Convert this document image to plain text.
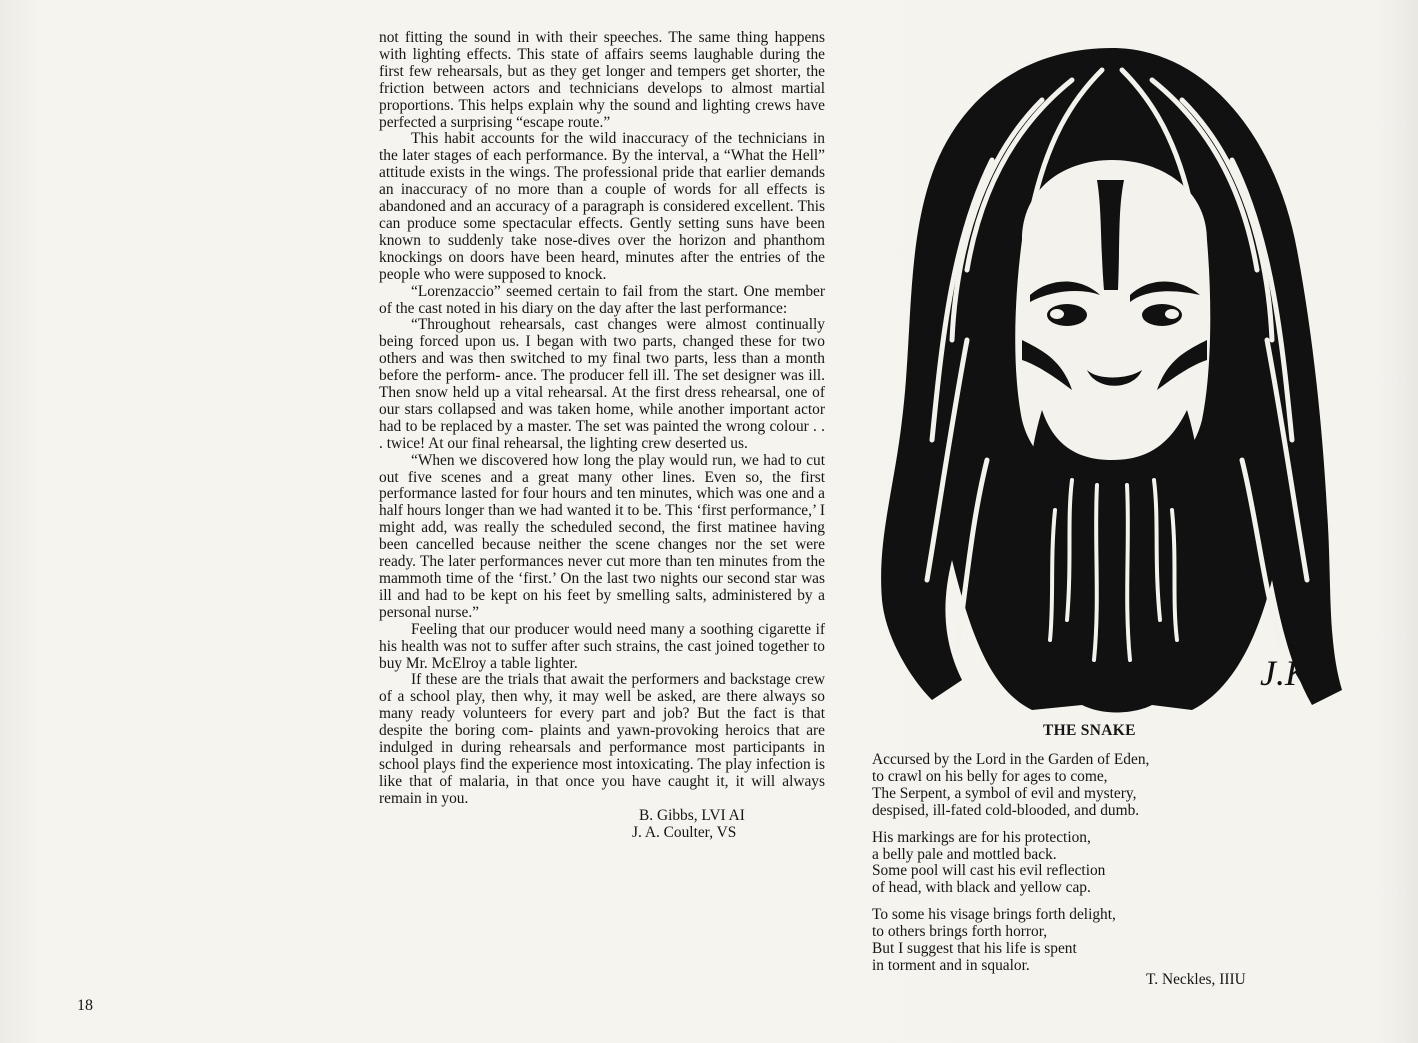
not fitting the sound in with their speeches. The same thing happens with lighting effects. This state of affairs seems laughable during the first few rehearsals, but as they get longer and tempers get shorter, the friction between actors and technicians develops to almost martial proportions. This helps explain why the sound and lighting crews have perfected a surprising “escape route.”

This habit accounts for the wild inaccuracy of the technicians in the later stages of each performance. By the interval, a “What the Hell” attitude exists in the wings. The professional pride that earlier demands an inaccuracy of no more than a couple of words for all effects is abandoned and an accuracy of a paragraph is considered excellent. This can produce some spectacular effects. Gently setting suns have been known to suddenly take nose-dives over the horizon and phanthom knockings on doors have been heard, minutes after the entries of the people who were supposed to knock.

“Lorenzaccio” seemed certain to fail from the start. One member of the cast noted in his diary on the day after the last performance:

“Throughout rehearsals, cast changes were almost continually being forced upon us. I began with two parts, changed these for two others and was then switched to my final two parts, less than a month before the perform- ance. The producer fell ill. The set designer was ill. Then snow held up a vital rehearsal. At the first dress rehearsal, one of our stars collapsed and was taken home, while another important actor had to be replaced by a master. The set was painted the wrong colour . . . twice! At our final rehearsal, the lighting crew deserted us.

“When we discovered how long the play would run, we had to cut out five scenes and a great many other lines. Even so, the first performance lasted for four hours and ten minutes, which was one and a half hours longer than we had wanted it to be. This ‘first performance,’ I might add, was really the scheduled second, the first matinee having been cancelled because neither the scene changes nor the set were ready. The later performances never cut more than ten minutes from the mammoth time of the ‘first.’ On the last two nights our second star was ill and had to be kept on his feet by smelling salts, administered by a personal nurse.”

Feeling that our producer would need many a soothing cigarette if his health was not to suffer after such strains, the cast joined together to buy Mr. McElroy a table lighter.

If these are the trials that await the performers and backstage crew of a school play, then why, it may well be asked, are there always so many ready volunteers for every part and job? But the fact is that despite the boring com- plaints and yawn-provoking heroics that are indulged in during rehearsals and performance most participants in school plays find the experience most intoxicating. The play infection is like that of malaria, in that once you have caught it, it will always remain in you.

B. Gibbs, LVI AI
J. A. Coulter, VS
J.K.
THE SNAKE
Accursed by the Lord in the Garden of Eden,
to crawl on his belly for ages to come,
The Serpent, a symbol of evil and mystery,
despised, ill-fated cold-blooded, and dumb.
His markings are for his protection,
a belly pale and mottled back.
Some pool will cast his evil reflection
of head, with black and yellow cap.
To some his visage brings forth delight,
to others brings forth horror,
But I suggest that his life is spent
in torment and in squalor.
T. Neckles, IIIU
18
